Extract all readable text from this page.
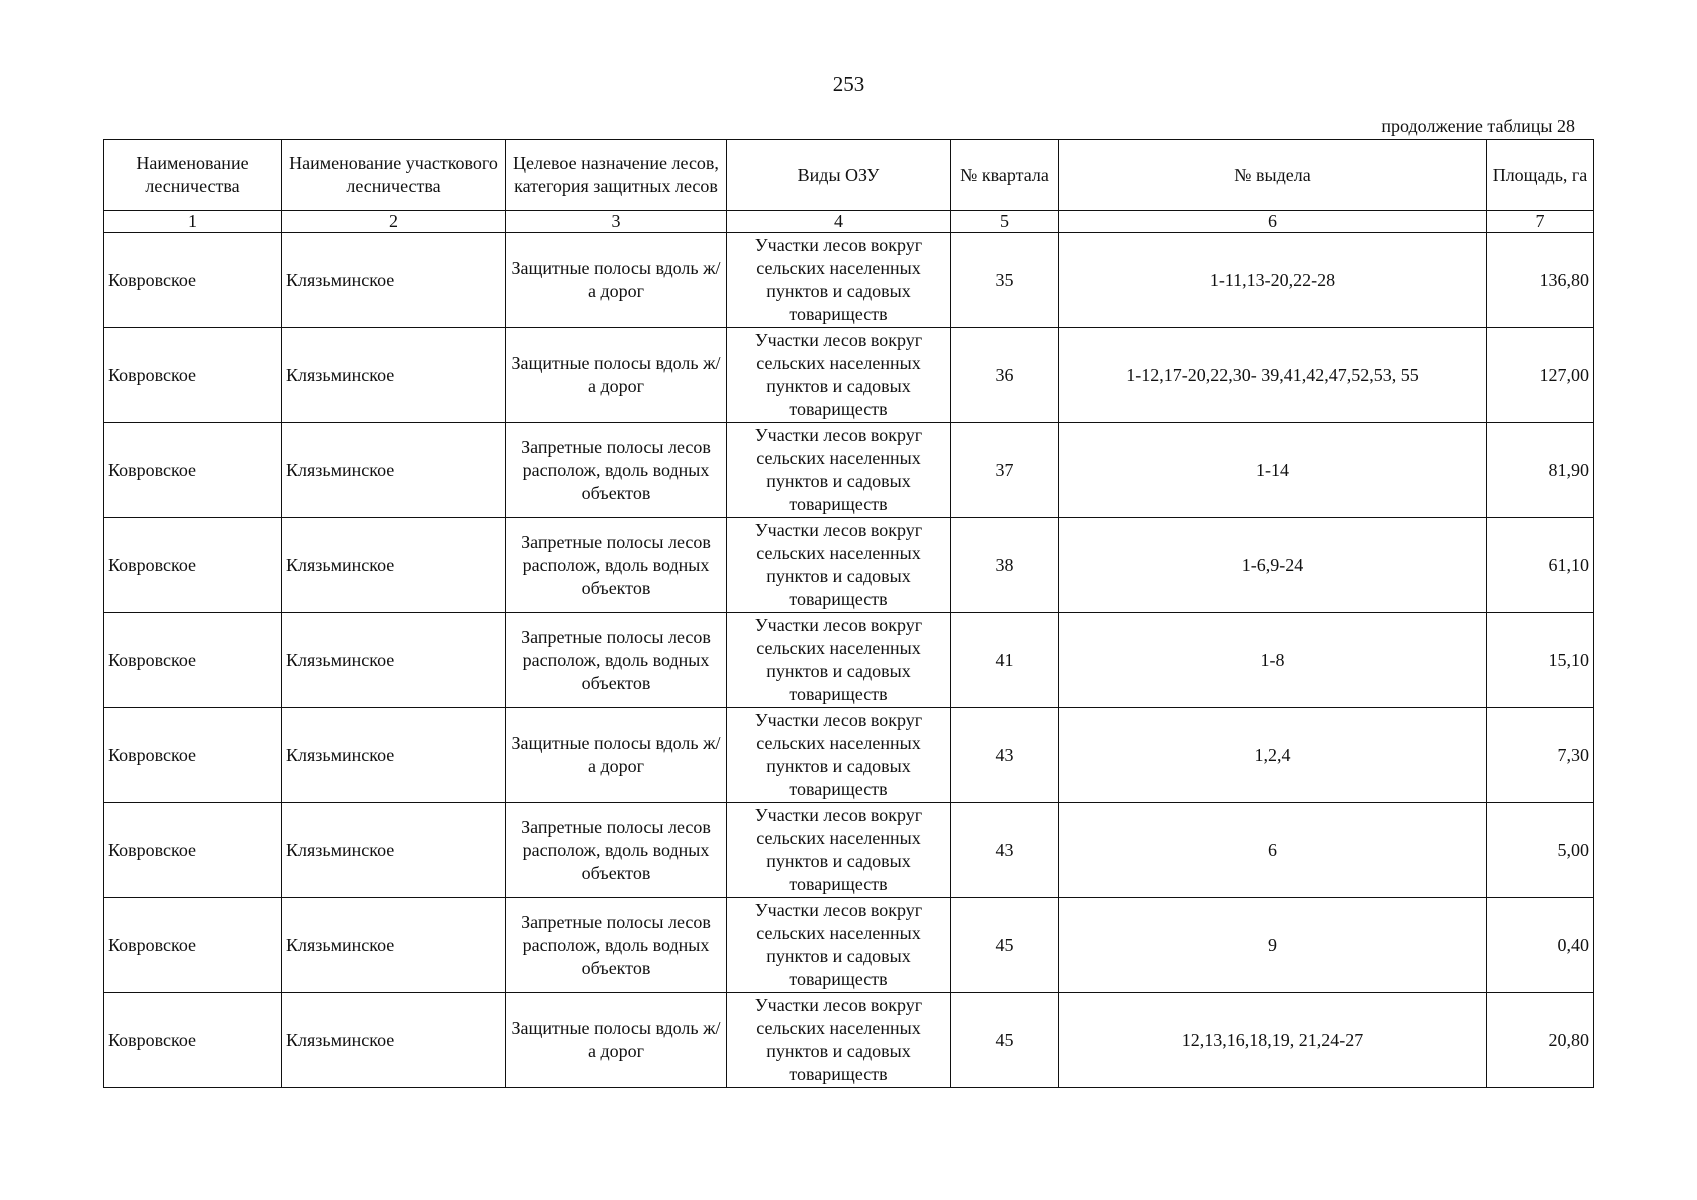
253
продолжение таблицы 28
Наименование лесничества	Наименование участкового лесничества	Целевое назначение лесов, категория защитных лесов	Виды ОЗУ	№ квартала	№ выдела	Площадь, га
1	2	3	4	5	6	7
Ковровское	Клязьминское	Защитные полосы вдоль ж/а дорог	Участки лесов вокруг сельских населенных пунктов и садовых товариществ	35	1-11,13-20,22-28	136,80
Ковровское	Клязьминское	Защитные полосы вдоль ж/а дорог	Участки лесов вокруг сельских населенных пунктов и садовых товариществ	36	1-12,17-20,22,30- 39,41,42,47,52,53, 55	127,00
Ковровское	Клязьминское	Запретные полосы лесов располож, вдоль водных объектов	Участки лесов вокруг сельских населенных пунктов и садовых товариществ	37	1-14	81,90
Ковровское	Клязьминское	Запретные полосы лесов располож, вдоль водных объектов	Участки лесов вокруг сельских населенных пунктов и садовых товариществ	38	1-6,9-24	61,10
Ковровское	Клязьминское	Запретные полосы лесов располож, вдоль водных объектов	Участки лесов вокруг сельских населенных пунктов и садовых товариществ	41	1-8	15,10
Ковровское	Клязьминское	Защитные полосы вдоль ж/а дорог	Участки лесов вокруг сельских населенных пунктов и садовых товариществ	43	1,2,4	7,30
Ковровское	Клязьминское	Запретные полосы лесов располож, вдоль водных объектов	Участки лесов вокруг сельских населенных пунктов и садовых товариществ	43	6	5,00
Ковровское	Клязьминское	Запретные полосы лесов располож, вдоль водных объектов	Участки лесов вокруг сельских населенных пунктов и садовых товариществ	45	9	0,40
Ковровское	Клязьминское	Защитные полосы вдоль ж/а дорог	Участки лесов вокруг сельских населенных пунктов и садовых товариществ	45	12,13,16,18,19, 21,24-27	20,80
